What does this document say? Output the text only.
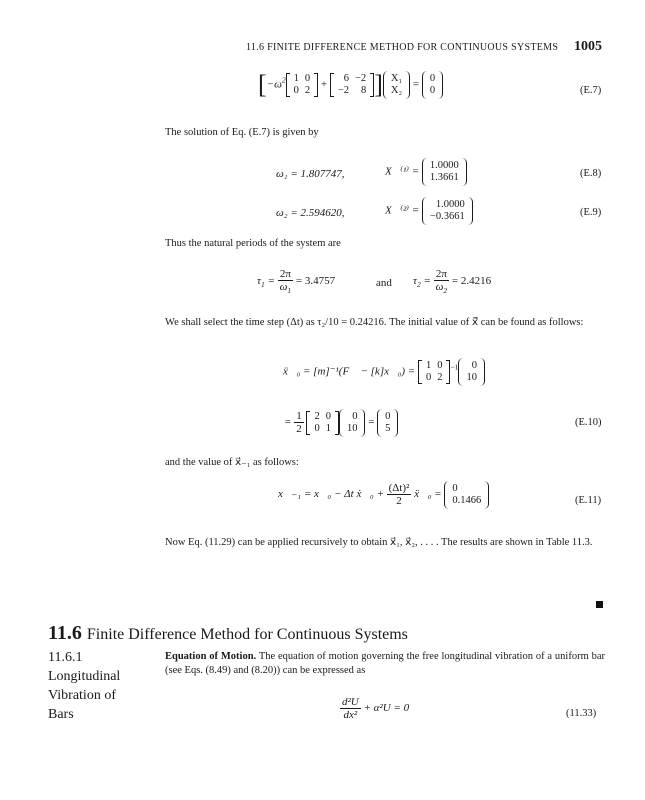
11.6 FINITE DIFFERENCE METHOD FOR CONTINUOUS SYSTEMS 1005
[$-\omega^2$ 1	0
0	2 +
6	−2
−2	8 ] X₁
X₂ =
0
0	(E.7)
The solution of Eq. (E.7) is given by
ω₁ = 1.807747,	X⃗⁽¹⁾ =
1.0000
1.3661	(E.8)
ω₂ = 2.594620,	X⃗⁽²⁾ =
1.0000
−0.3661	(E.9)
Thus the natural periods of the system are
$\tau_1 = \frac{2\pi}{\omega_1} = 3.4757$	and $\tau_2 = \frac{2\pi}{\omega_2} = 2.4216$
We shall select the time step (Δt) as τ₂/10 = 0.24216. The initial value of ẍ⃗ can be found as follows:
ẍ⃗₀ = [m]⁻¹(F⃗ − [k]x⃗₀) =
1	0
0	2
$^{-1}$ 0
10
= $\frac{1}{2}$
2	0
0	1
0
10 =
0
5	(E.10)
and the value of x⃗₋₁ as follows:
x⃗₋₁ = x⃗₀ − Δt ẋ⃗₀ + $\frac{\text{(Δt)²}}{2}$ ẍ⃗₀ =
0
0.1466	(E.11)
Now Eq. (11.29) can be applied recursively to obtain x⃗₁, x⃗₂, . . . . The results are shown in Table 11.3.
11.6 Finite Difference Method for Continuous Systems
11.6.1
Longitudinal
Vibration of
Bars
Equation of Motion. The equation of motion governing the free longitudinal vibration of a uniform bar (see Eqs. (8.49) and (8.20)) can be expressed as
$\frac{\text{d²U}}{\text{dx²}} + \alpha^2U = 0$	(11.33)
